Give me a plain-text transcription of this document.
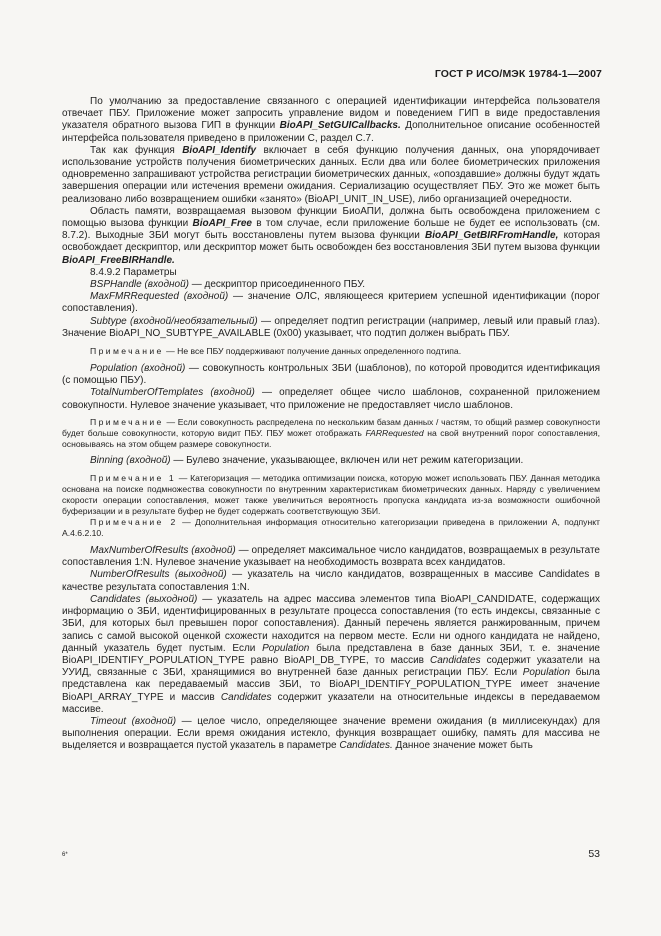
ГОСТ Р ИСО/МЭК 19784-1—2007

По умолчанию за предоставление связанного с операцией идентификации интерфейса пользователя отвечает ПБУ. Приложение может запросить управление видом и поведением ГИП в виде предоставления указателя обратного вызова ГИП в функции BioAPI_SetGUICallbacks. Дополнительное описание особенностей интерфейса пользователя приведено в приложении С, раздел С.7.

Так как функция BioAPI_Identify включает в себя функцию получения данных, она упорядочивает использование устройств получения биометрических данных. Если два или более биометрических приложения одновременно запрашивают устройства регистрации биометрических данных, «опоздавшие» должны будут ждать завершения операции или истечения времени ожидания. Сериализацию осуществляет ПБУ. Это же может быть реализовано либо возвращением ошибки «занято» (BioAPI_UNIT_IN_USE), либо организацией очередности.

Область памяти, возвращаемая вызовом функции БиоАПИ, должна быть освобождена приложением с помощью вызова функции BioAPI_Free в том случае, если приложение больше не будет ее использовать (см. 8.7.2). Выходные ЗБИ могут быть восстановлены путем вызова функции BioAPI_GetBIRFromHandle, которая освобождает дескриптор, или дескриптор может быть освобожден без восстановления ЗБИ путем вызова функции BioAPI_FreeBIRHandle.

8.4.9.2 Параметры

BSPHandle (входной) — дескриптор присоединенного ПБУ.

MaxFMRRequested (входной) — значение ОЛС, являющееся критерием успешной идентификации (порог сопоставления).

Subtype (входной/необязательный) — определяет подтип регистрации (например, левый или правый глаз). Значение BioAPI_NO_SUBTYPE_AVAILABLE (0x00) указывает, что подтип должен выбрать ПБУ.

Примечание — Не все ПБУ поддерживают получение данных определенного подтипа.

Population (входной) — совокупность контрольных ЗБИ (шаблонов), по которой проводится идентификация (с помощью ПБУ).

TotalNumberOfTemplates (входной) — определяет общее число шаблонов, сохраненной приложением совокупности. Нулевое значение указывает, что приложение не предоставляет число шаблонов.

Примечание — Если совокупность распределена по нескольким базам данных / частям, то общий размер совокупности будет больше совокупности, которую видит ПБУ. ПБУ может отображать FARRequested на свой внутренний порог сопоставления, основываясь на этом общем размере совокупности.

Binning (входной) — Булево значение, указывающее, включен или нет режим категоризации.

Примечание 1 — Категоризация — методика оптимизации поиска, которую может использовать ПБУ. Данная методика основана на поиске подмножества совокупности по внутренним характеристикам биометрических данных. Наряду с увеличением скорости операции сопоставления, может также увеличиться вероятность пропуска кандидата из-за возможности ошибочной буферизации и в результате буфер не будет содержать соответствующую ЗБИ.

Примечание 2 — Дополнительная информация относительно категоризации приведена в приложении А, подпункт А.4.6.2.10.

MaxNumberOfResults (входной) — определяет максимальное число кандидатов, возвращаемых в результате сопоставления 1:N. Нулевое значение указывает на необходимость возврата всех кандидатов.

NumberOfResults (выходной) — указатель на число кандидатов, возвращенных в массиве Candidates в качестве результата сопоставления 1:N.

Candidates (выходной) — указатель на адрес массива элементов типа BioAPI_CANDIDATE, содержащих информацию о ЗБИ, идентифицированных в результате процесса сопоставления (то есть индексы, связанные с ЗБИ, для которых был превышен порог сопоставления). Данный перечень является ранжированным, причем запись с самой высокой оценкой схожести находится на первом месте. Если ни одного кандидата не найдено, данный указатель будет пустым. Если Population была представлена в базе данных ЗБИ, т. е. значение BioAPI_IDENTIFY_POPULATION_TYPE равно BioAPI_DB_TYPE, то массив Candidates содержит указатели на УУИД, связанные с ЗБИ, хранящимися во внутренней базе данных регистрации ПБУ. Если Population была представлена как передаваемый массив ЗБИ, то BioAPI_IDENTIFY_POPULATION_TYPE имеет значение BioAPI_ARRAY_TYPE и массив Candidates содержит указатели на относительные индексы в передаваемом массиве.

Timeout (входной) — целое число, определяющее значение времени ожидания (в миллисекундах) для выполнения операции. Если время ожидания истекло, функция возвращает ошибку, память для массива не выделяется и возвращается пустой указатель в параметре Candidates. Данное значение может быть

6*	53
